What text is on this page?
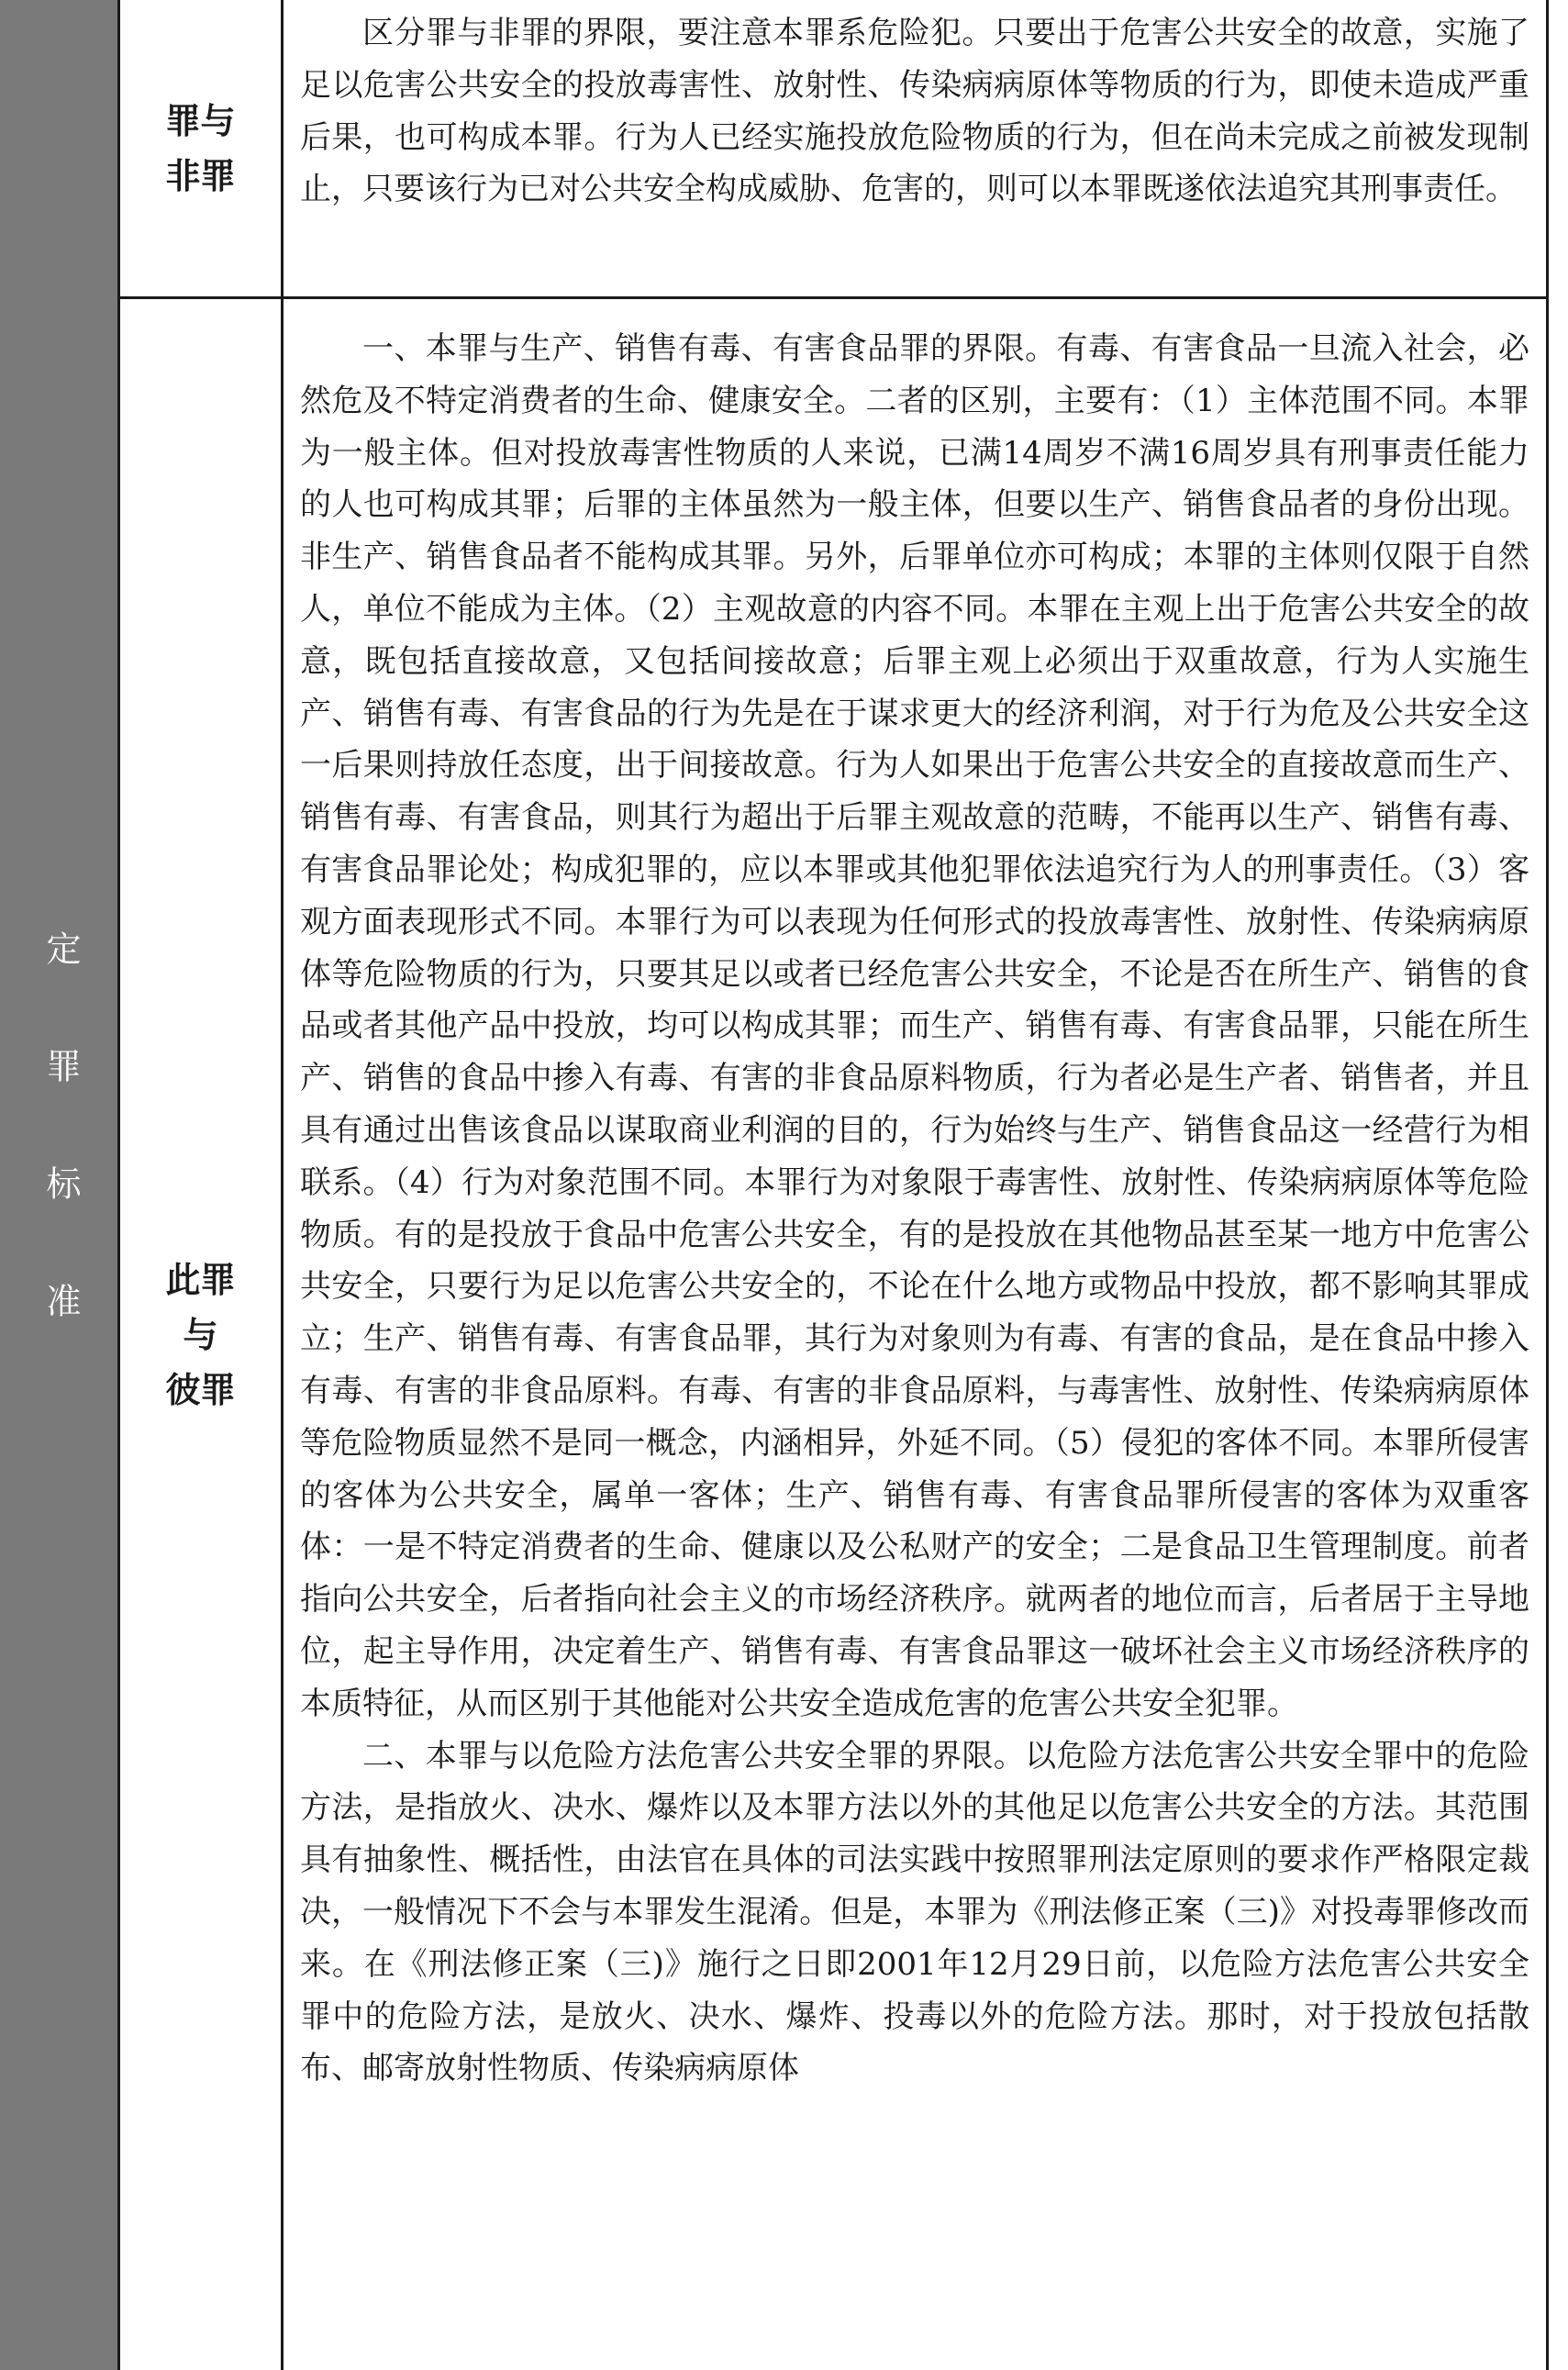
定罪标准
罪与
非罪

区分罪与非罪的界限，要注意本罪系危险犯。只要出于危害公共安全的故意，实施了足以危害公共安全的投放毒害性、放射性、传染病病原体等物质的行为，即使未造成严重后果，也可构成本罪。行为人已经实施投放危险物质的行为，但在尚未完成之前被发现制止，只要该行为已对公共安全构成威胁、危害的，则可以本罪既遂依法追究其刑事责任。

此罪
与
彼罪

一、本罪与生产、销售有毒、有害食品罪的界限。有毒、有害食品一旦流入社会，必然危及不特定消费者的生命、健康安全。二者的区别，主要有：（1）主体范围不同。本罪为一般主体。但对投放毒害性物质的人来说，已满14周岁不满16周岁具有刑事责任能力的人也可构成其罪；后罪的主体虽然为一般主体，但要以生产、销售食品者的身份出现。非生产、销售食品者不能构成其罪。另外，后罪单位亦可构成；本罪的主体则仅限于自然人，单位不能成为主体。（2）主观故意的内容不同。本罪在主观上出于危害公共安全的故意，既包括直接故意，又包括间接故意；后罪主观上必须出于双重故意，行为人实施生产、销售有毒、有害食品的行为先是在于谋求更大的经济利润，对于行为危及公共安全这一后果则持放任态度，出于间接故意。行为人如果出于危害公共安全的直接故意而生产、销售有毒、有害食品，则其行为超出于后罪主观故意的范畴，不能再以生产、销售有毒、有害食品罪论处；构成犯罪的，应以本罪或其他犯罪依法追究行为人的刑事责任。（3）客观方面表现形式不同。本罪行为可以表现为任何形式的投放毒害性、放射性、传染病病原体等危险物质的行为，只要其足以或者已经危害公共安全，不论是否在所生产、销售的食品或者其他产品中投放，均可以构成其罪；而生产、销售有毒、有害食品罪，只能在所生产、销售的食品中掺入有毒、有害的非食品原料物质，行为者必是生产者、销售者，并且具有通过出售该食品以谋取商业利润的目的，行为始终与生产、销售食品这一经营行为相联系。（4）行为对象范围不同。本罪行为对象限于毒害性、放射性、传染病病原体等危险物质。有的是投放于食品中危害公共安全，有的是投放在其他物品甚至某一地方中危害公共安全，只要行为足以危害公共安全的，不论在什么地方或物品中投放，都不影响其罪成立；生产、销售有毒、有害食品罪，其行为对象则为有毒、有害的食品，是在食品中掺入有毒、有害的非食品原料。有毒、有害的非食品原料，与毒害性、放射性、传染病病原体等危险物质显然不是同一概念，内涵相异，外延不同。（5）侵犯的客体不同。本罪所侵害的客体为公共安全，属单一客体；生产、销售有毒、有害食品罪所侵害的客体为双重客体：一是不特定消费者的生命、健康以及公私财产的安全；二是食品卫生管理制度。前者指向公共安全，后者指向社会主义的市场经济秩序。就两者的地位而言，后者居于主导地位，起主导作用，决定着生产、销售有毒、有害食品罪这一破坏社会主义市场经济秩序的本质特征，从而区别于其他能对公共安全造成危害的危害公共安全犯罪。

二、本罪与以危险方法危害公共安全罪的界限。以危险方法危害公共安全罪中的危险方法，是指放火、决水、爆炸以及本罪方法以外的其他足以危害公共安全的方法。其范围具有抽象性、概括性，由法官在具体的司法实践中按照罪刑法定原则的要求作严格限定裁决，一般情况下不会与本罪发生混淆。但是，本罪为《刑法修正案（三)》对投毒罪修改而来。在《刑法修正案（三)》施行之日即2001年12月29日前，以危险方法危害公共安全罪中的危险方法，是放火、决水、爆炸、投毒以外的危险方法。那时，对于投放包括散布、邮寄放射性物质、传染病病原体
